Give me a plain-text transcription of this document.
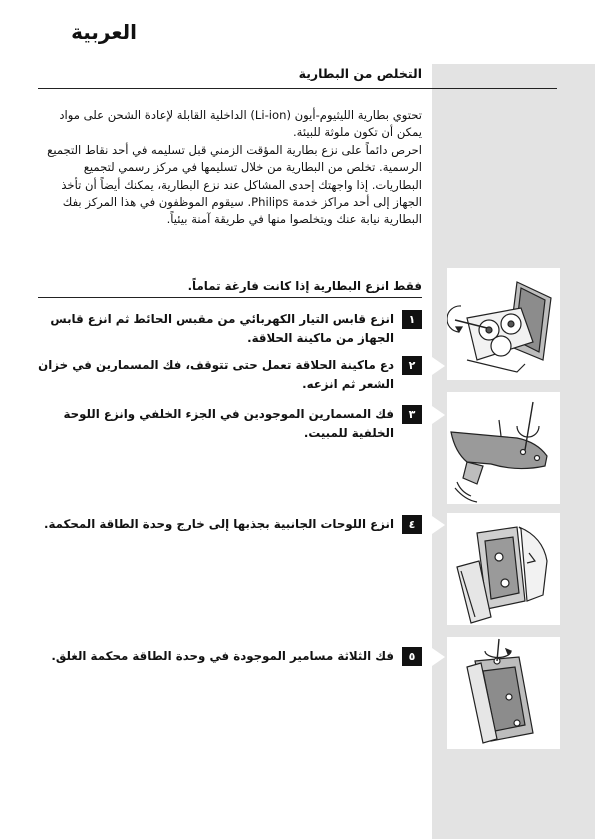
العربية
التخلص من البطارية

تحتوي بطارية الليثيوم-أيون (Li-ion) الداخلية القابلة لإعادة الشحن على مواد يمكن أن تكون ملوثة للبيئة.

احرص دائماً على نزع بطارية المؤقت الزمني قبل تسليمه في أحد نقاط التجميع الرسمية. تخلص من البطارية من خلال تسليمها في مركز رسمي لتجميع البطاريات. إذا واجهتك إحدى المشاكل عند نزع البطارية، يمكنك أيضاً أن تأخذ الجهاز إلى أحد مراكز خدمة Philips. سيقوم الموظفون في هذا المركز بفك البطارية نيابة عنك ويتخلصوا منها في طريقة آمنة بيئياً.

فقط انزع البطارية إذا كانت فارغة تماماً.
١
انزع قابس التيار الكهربائي من مقبس الحائط ثم انزع قابس الجهاز من ماكينة الحلاقة.
٢
دع ماكينة الحلاقة تعمل حتى تتوقف، فك المسمارين في خزان الشعر ثم انزعه.
٣
فك المسمارين الموجودين في الجزء الخلفي وانزع اللوحة الخلفية للمبيت.
٤
انزع اللوحات الجانبية بجذبها إلى خارج وحدة الطاقة المحكمة.
٥
فك الثلاثة مسامير الموجودة في وحدة الطاقة محكمة الغلق.
